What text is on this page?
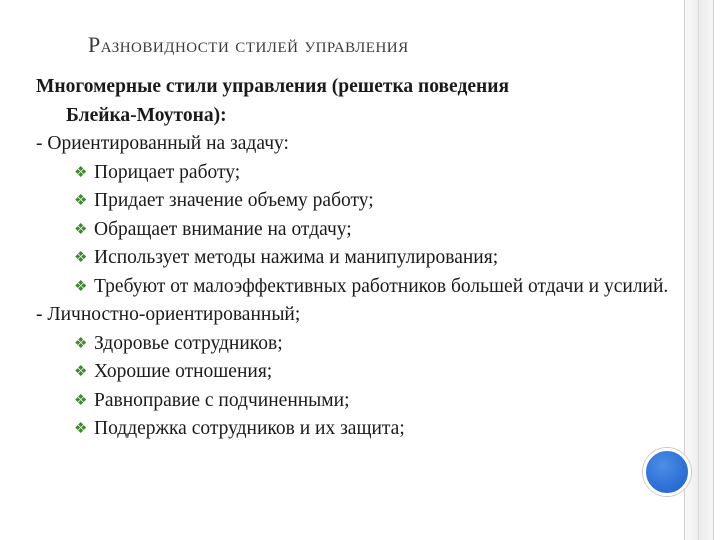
Разновидности стилей управления

Многомерные стили управления (решетка поведения
Блейка-Моутона):

- Ориентированный на задачу:

❖ Порицает работу;
❖ Придает значение объему работу;
❖ Обращает внимание на отдачу;
❖ Использует методы нажима и манипулирования;
❖ Требуют от малоэффективных работников большей отдачи и усилий.

- Личностно-ориентированный;

❖ Здоровье сотрудников;
❖ Хорошие отношения;
❖ Равноправие с подчиненными;
❖ Поддержка сотрудников и их защита;
